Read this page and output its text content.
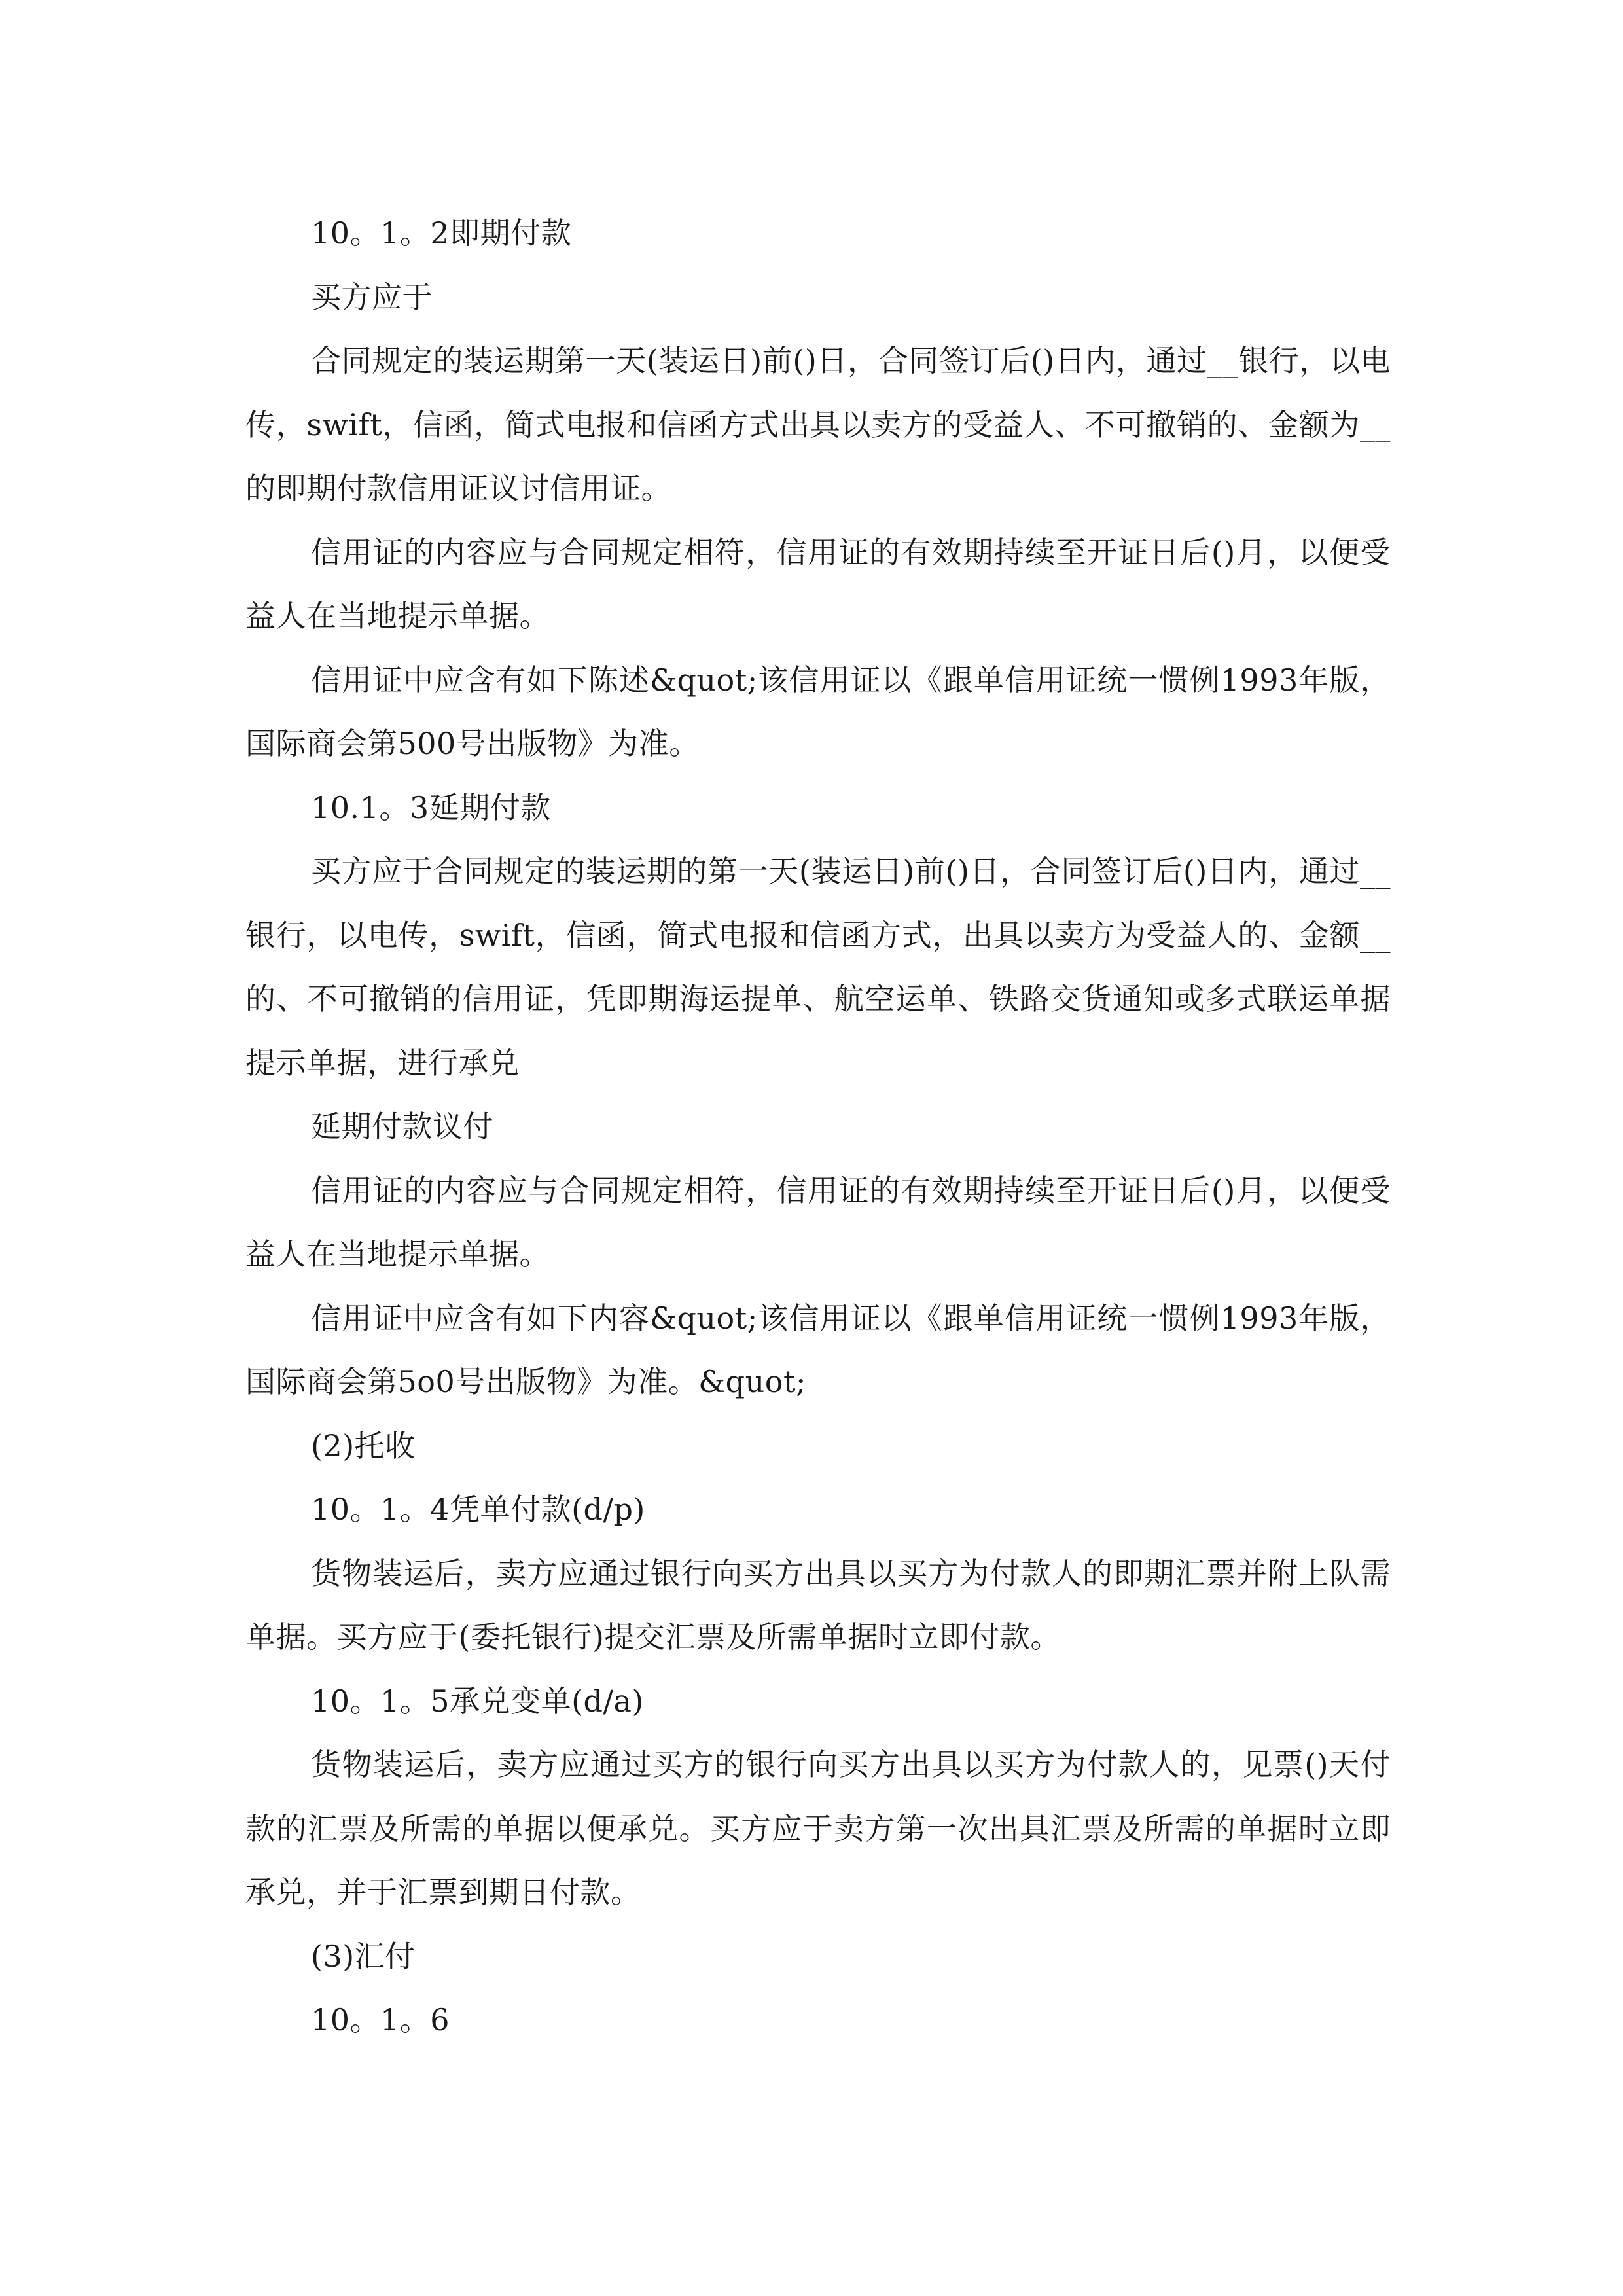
10。1。2即期付款

买方应于

合同规定的装运期第一天(装运日)前()日，合同签订后()日内，通过__银行，以电传，swift，信函，简式电报和信函方式出具以卖方的受益人、不可撤销的、金额为__的即期付款信用证议讨信用证。

信用证的内容应与合同规定相符，信用证的有效期持续至开证日后()月，以便受益人在当地提示单据。

信用证中应含有如下陈述&quot;该信用证以《跟单信用证统一惯例1993年版，国际商会第500号出版物》为准。

10.1。3延期付款

买方应于合同规定的装运期的第一天(装运日)前()日，合同签订后()日内，通过__银行，以电传，swift，信函，简式电报和信函方式，出具以卖方为受益人的、金额__的、不可撤销的信用证，凭即期海运提单、航空运单、铁路交货通知或多式联运单据提示单据，进行承兑

延期付款议付

信用证的内容应与合同规定相符，信用证的有效期持续至开证日后()月，以便受益人在当地提示单据。

信用证中应含有如下内容&quot;该信用证以《跟单信用证统一惯例1993年版，国际商会第5o0号出版物》为准。&quot;

(2)托收

10。1。4凭单付款(d/p)

货物装运后，卖方应通过银行向买方出具以买方为付款人的即期汇票并附上队需单据。买方应于(委托银行)提交汇票及所需单据时立即付款。

10。1。5承兑变单(d/a)

货物装运后，卖方应通过买方的银行向买方出具以买方为付款人的，见票()天付款的汇票及所需的单据以便承兑。买方应于卖方第一次出具汇票及所需的单据时立即承兑，并于汇票到期日付款。

(3)汇付

10。1。6
